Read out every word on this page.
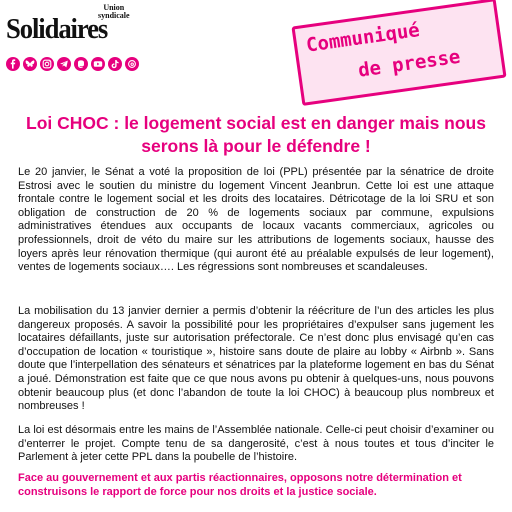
Union
syndicale
Solidaires	Communiqué
de presse
Loi CHOC : le logement social est en danger mais nous serons là pour le défendre !

Le 20 janvier, le Sénat a voté la proposition de loi (PPL) présentée par la sénatrice de droite Estrosi avec le soutien du ministre du logement Vincent Jeanbrun. Cette loi est une attaque frontale contre le logement social et les droits des locataires. Détricotage de la loi SRU et son obligation de construction de 20 % de logements sociaux par commune, expulsions administratives étendues aux occupants de locaux vacants commerciaux, agricoles ou professionnels, droit de véto du maire sur les attributions de logements sociaux, hausse des loyers après leur rénovation thermique (qui auront été au préalable expulsés de leur logement), ventes de logements sociaux…. Les régressions sont nombreuses et scandaleuses.

La mobilisation du 13 janvier dernier a permis d’obtenir la réécriture de l’un des articles les plus dangereux proposés. A savoir la possibilité pour les propriétaires d’expulser sans jugement les locataires défaillants, juste sur autorisation préfectorale. Ce n’est donc plus envisagé qu’en cas d’occupation de location « touristique », histoire sans doute de plaire au lobby « Airbnb ». Sans doute que l’interpellation des sénateurs et sénatrices par la plateforme logement en bas du Sénat a joué. Démonstration est faite que ce que nous avons pu obtenir à quelques-uns, nous pouvons obtenir beaucoup plus (et donc l’abandon de toute la loi CHOC) à beaucoup plus nombreux et nombreuses !

La loi est désormais entre les mains de l’Assemblée nationale. Celle-ci peut choisir d’examiner ou d’enterrer le projet. Compte tenu de sa dangerosité, c’est à nous toutes et tous d’inciter le Parlement à jeter cette PPL dans la poubelle de l’histoire.

Face au gouvernement et aux partis réactionnaires, opposons notre détermination et construisons le rapport de force pour nos droits et la justice sociale.
